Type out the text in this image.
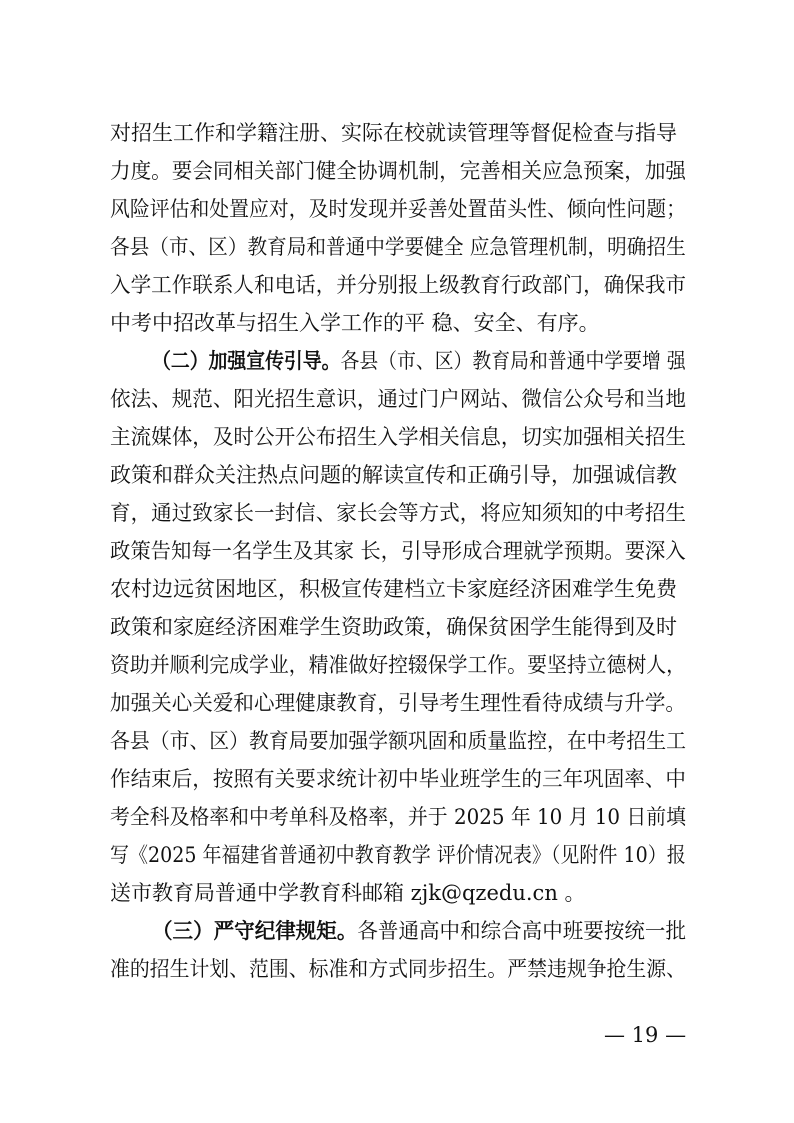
对招生工作和学籍注册、实际在校就读管理等督促检查与指导
力度。要会同相关部门健全协调机制，完善相关应急预案，加强
风险评估和处置应对，及时发现并妥善处置苗头性、倾向性问题；
各县（市、区）教育局和普通中学要健全 应急管理机制，明确招生
入学工作联系人和电话，并分别报上级教育行政部门，确保我市
中考中招改革与招生入学工作的平 稳、安全、有序。
（二）加强宣传引导。各县（市、区）教育局和普通中学要增 强
依法、规范、阳光招生意识，通过门户网站、微信公众号和当地
主流媒体，及时公开公布招生入学相关信息，切实加强相关招生
政策和群众关注热点问题的解读宣传和正确引导，加强诚信教
育，通过致家长一封信、家长会等方式，将应知须知的中考招生
政策告知每一名学生及其家 长，引导形成合理就学预期。要深入
农村边远贫困地区，积极宣传建档立卡家庭经济困难学生免费
政策和家庭经济困难学生资助政策，确保贫困学生能得到及时
资助并顺利完成学业，精准做好控辍保学工作。要坚持立德树人，
加强关心关爱和心理健康教育，引导考生理性看待成绩与升学。
各县（市、区）教育局要加强学额巩固和质量监控，在中考招生工
作结束后，按照有关要求统计初中毕业班学生的三年巩固率、中
考全科及格率和中考单科及格率，并于 2025 年 10 月 10 日前填
写《2025 年福建省普通初中教育教学 评价情况表》（见附件 10）报
送市教育局普通中学教育科邮箱 zjk@qzedu.cn 。
（三）严守纪律规矩。各普通高中和综合高中班要按统一批
准的招生计划、范围、标准和方式同步招生。严禁违规争抢生源、
— 19 —
